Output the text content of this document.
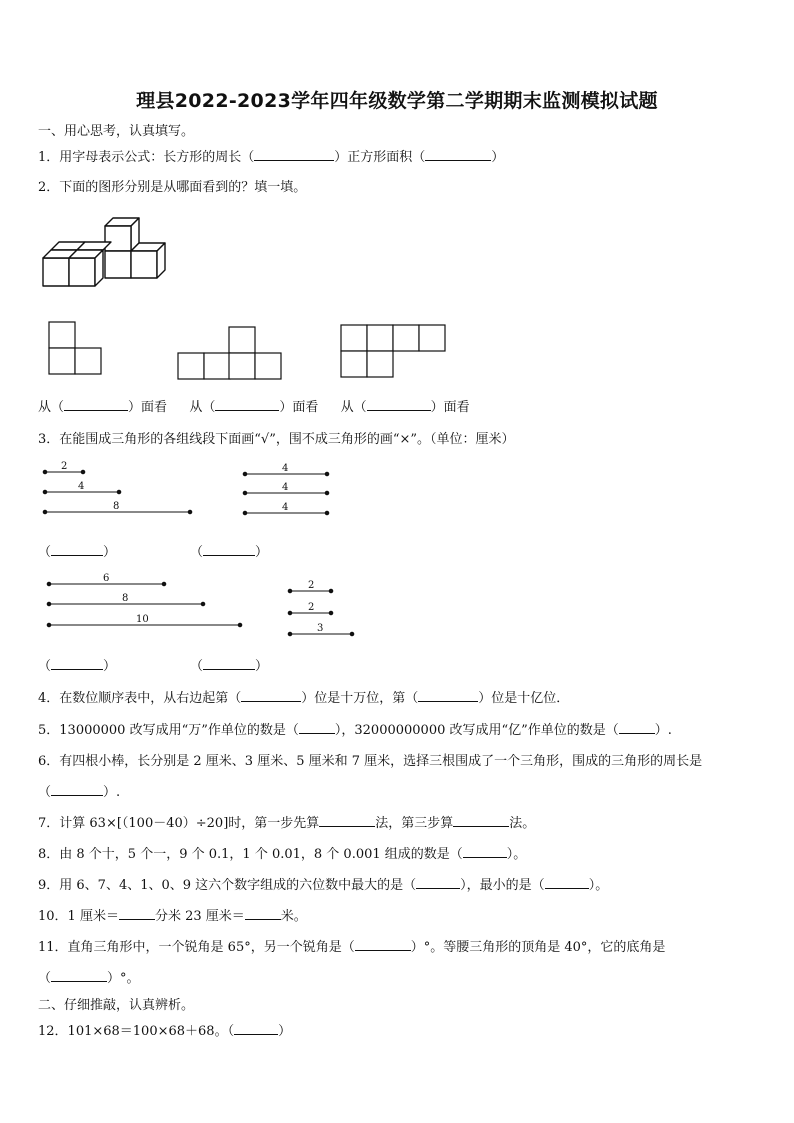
理县2022-2023学年四年级数学第二学期期末监测模拟试题
一、用心思考，认真填写。
1．用字母表示公式：长方形的周长（	）正方形面积（	）
2．下面的图形分别是从哪面看到的？填一填。
2
4
8
4
4
4
6
8
10
2
2
3
从（	）面看 从（	）面看 从（	）面看
3．在能围成三角形的各组线段下面画“√”，围不成三角形的画“×”。（单位：厘米）
（	）	（	）
（	）	（	）
4．在数位顺序表中，从右边起第（	）位是十万位，第（	）位是十亿位．
5．13000000 改写成用“万”作单位的数是（	），32000000000 改写成用“亿”作单位的数是（	）.
6．有四根小棒，长分别是 2 厘米、3 厘米、5 厘米和 7 厘米，选择三根围成了一个三角形，围成的三角形的周长是
（	）.
7．计算 63×[（100－40）÷20]时，第一步先算	法，第三步算	法。
8．由 8 个十，5 个一，9 个 0.1，1 个 0.01，8 个 0.001 组成的数是（	）。
9．用 6、7、4、1、0、9 这六个数字组成的六位数中最大的是（	），最小的是（	）。
10．1 厘米＝	分米 23 厘米＝	米。
11．直角三角形中，一个锐角是 65°，另一个锐角是（	）°。等腰三角形的顶角是 40°，它的底角是
（	）°。
二、仔细推敲，认真辨析。
12．101×68＝100×68＋68。（	）
